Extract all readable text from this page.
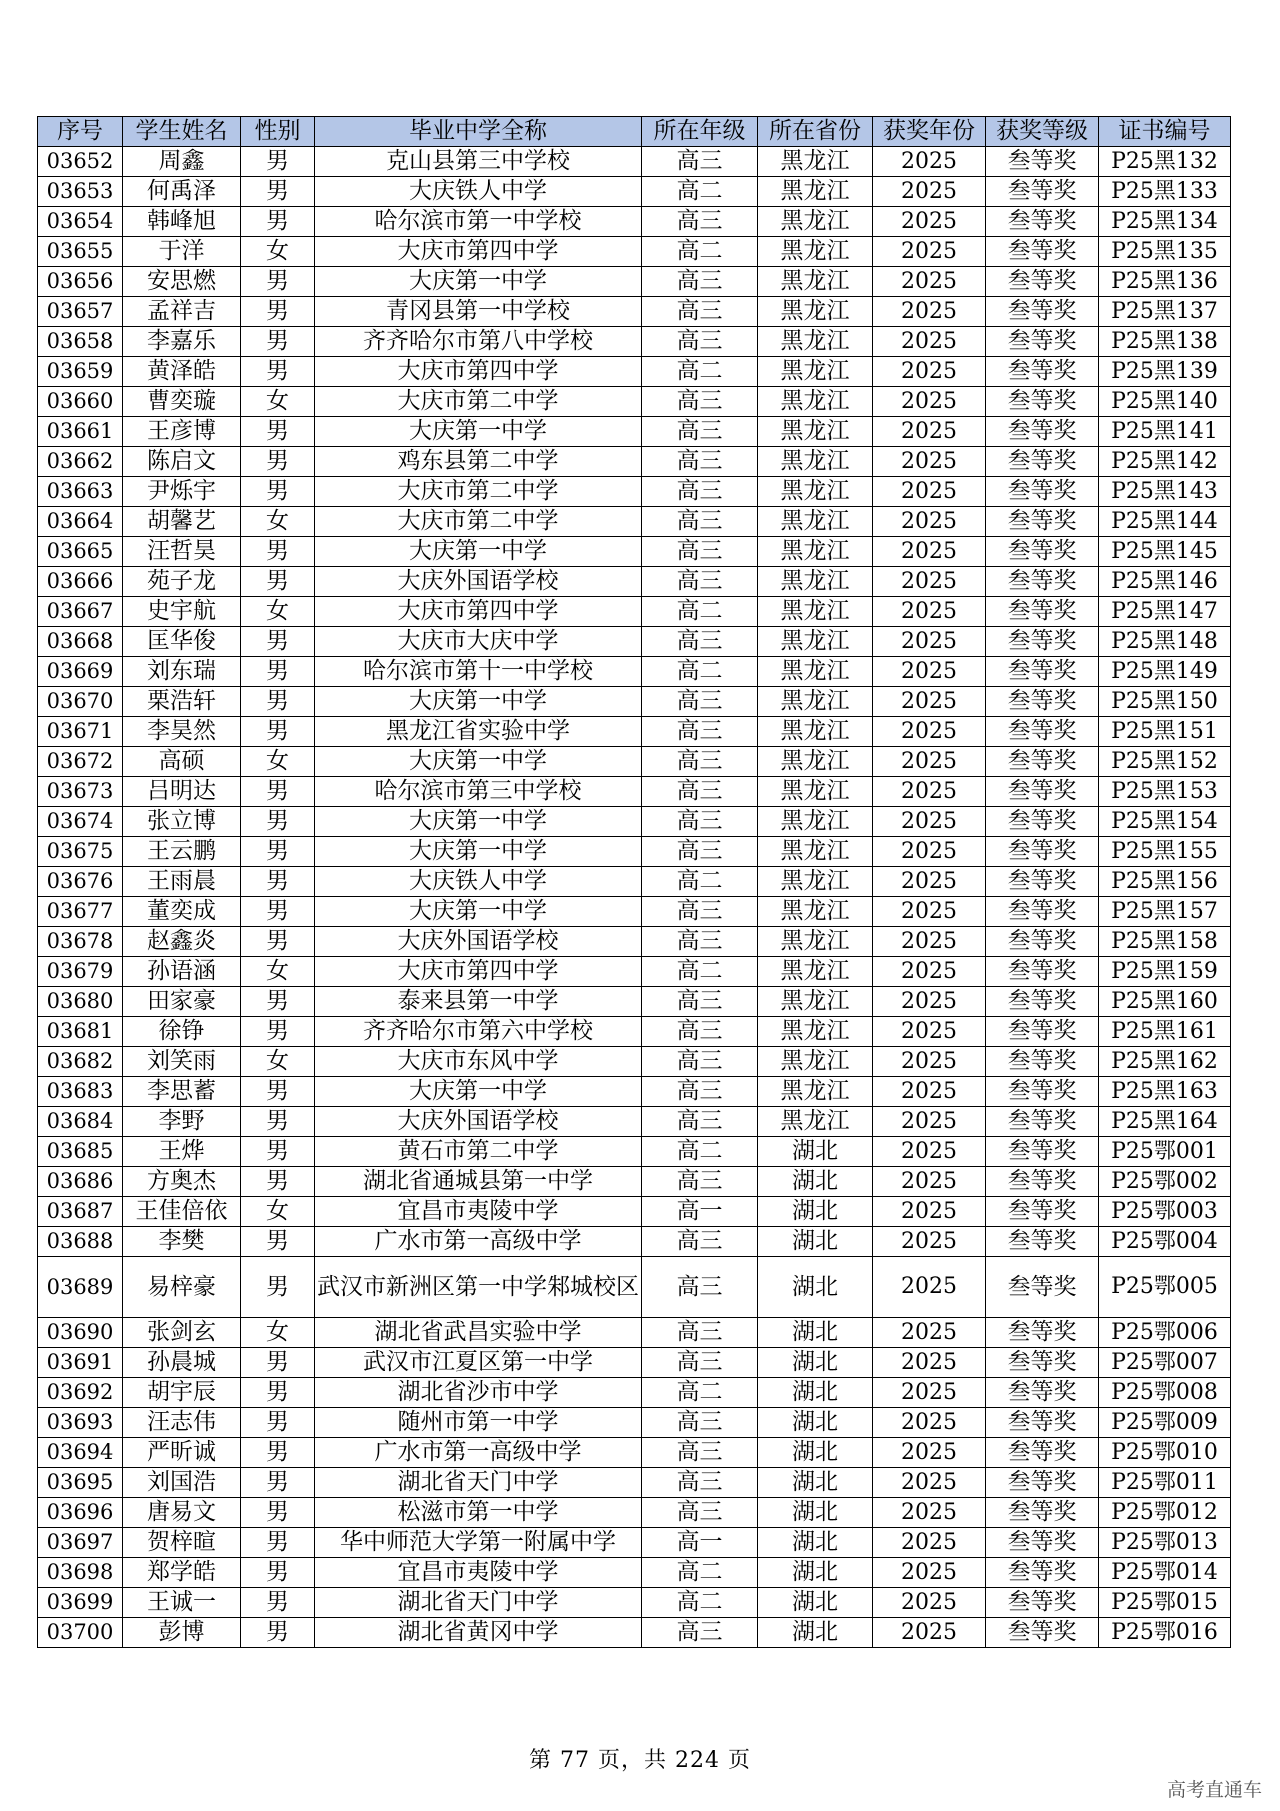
序号	学生姓名	性别	毕业中学全称	所在年级	所在省份	获奖年份	获奖等级	证书编号
03652	周鑫	男	克山县第三中学校	高三	黑龙江	2025	叁等奖	P25黑132
03653	何禹泽	男	大庆铁人中学	高二	黑龙江	2025	叁等奖	P25黑133
03654	韩峰旭	男	哈尔滨市第一中学校	高三	黑龙江	2025	叁等奖	P25黑134
03655	于洋	女	大庆市第四中学	高二	黑龙江	2025	叁等奖	P25黑135
03656	安思燃	男	大庆第一中学	高三	黑龙江	2025	叁等奖	P25黑136
03657	孟祥吉	男	青冈县第一中学校	高三	黑龙江	2025	叁等奖	P25黑137
03658	李嘉乐	男	齐齐哈尔市第八中学校	高三	黑龙江	2025	叁等奖	P25黑138
03659	黄泽皓	男	大庆市第四中学	高二	黑龙江	2025	叁等奖	P25黑139
03660	曹奕璇	女	大庆市第二中学	高三	黑龙江	2025	叁等奖	P25黑140
03661	王彦博	男	大庆第一中学	高三	黑龙江	2025	叁等奖	P25黑141
03662	陈启文	男	鸡东县第二中学	高三	黑龙江	2025	叁等奖	P25黑142
03663	尹烁宇	男	大庆市第二中学	高三	黑龙江	2025	叁等奖	P25黑143
03664	胡馨艺	女	大庆市第二中学	高三	黑龙江	2025	叁等奖	P25黑144
03665	汪哲昊	男	大庆第一中学	高三	黑龙江	2025	叁等奖	P25黑145
03666	苑子龙	男	大庆外国语学校	高三	黑龙江	2025	叁等奖	P25黑146
03667	史宇航	女	大庆市第四中学	高二	黑龙江	2025	叁等奖	P25黑147
03668	匡华俊	男	大庆市大庆中学	高三	黑龙江	2025	叁等奖	P25黑148
03669	刘东瑞	男	哈尔滨市第十一中学校	高二	黑龙江	2025	叁等奖	P25黑149
03670	栗浩轩	男	大庆第一中学	高三	黑龙江	2025	叁等奖	P25黑150
03671	李昊然	男	黑龙江省实验中学	高三	黑龙江	2025	叁等奖	P25黑151
03672	高硕	女	大庆第一中学	高三	黑龙江	2025	叁等奖	P25黑152
03673	吕明达	男	哈尔滨市第三中学校	高三	黑龙江	2025	叁等奖	P25黑153
03674	张立博	男	大庆第一中学	高三	黑龙江	2025	叁等奖	P25黑154
03675	王云鹏	男	大庆第一中学	高三	黑龙江	2025	叁等奖	P25黑155
03676	王雨晨	男	大庆铁人中学	高二	黑龙江	2025	叁等奖	P25黑156
03677	董奕成	男	大庆第一中学	高三	黑龙江	2025	叁等奖	P25黑157
03678	赵鑫炎	男	大庆外国语学校	高三	黑龙江	2025	叁等奖	P25黑158
03679	孙语涵	女	大庆市第四中学	高二	黑龙江	2025	叁等奖	P25黑159
03680	田家豪	男	泰来县第一中学	高三	黑龙江	2025	叁等奖	P25黑160
03681	徐铮	男	齐齐哈尔市第六中学校	高三	黑龙江	2025	叁等奖	P25黑161
03682	刘笑雨	女	大庆市东风中学	高三	黑龙江	2025	叁等奖	P25黑162
03683	李思蓄	男	大庆第一中学	高三	黑龙江	2025	叁等奖	P25黑163
03684	李野	男	大庆外国语学校	高三	黑龙江	2025	叁等奖	P25黑164
03685	王烨	男	黄石市第二中学	高二	湖北	2025	叁等奖	P25鄂001
03686	方奥杰	男	湖北省通城县第一中学	高三	湖北	2025	叁等奖	P25鄂002
03687	王佳倍依	女	宜昌市夷陵中学	高一	湖北	2025	叁等奖	P25鄂003
03688	李樊	男	广水市第一高级中学	高三	湖北	2025	叁等奖	P25鄂004
03689	易梓豪	男	武汉市新洲区第一中学邾城校区	高三	湖北	2025	叁等奖	P25鄂005
03690	张剑玄	女	湖北省武昌实验中学	高三	湖北	2025	叁等奖	P25鄂006
03691	孙晨城	男	武汉市江夏区第一中学	高三	湖北	2025	叁等奖	P25鄂007
03692	胡宇辰	男	湖北省沙市中学	高二	湖北	2025	叁等奖	P25鄂008
03693	汪志伟	男	随州市第一中学	高三	湖北	2025	叁等奖	P25鄂009
03694	严昕诚	男	广水市第一高级中学	高三	湖北	2025	叁等奖	P25鄂010
03695	刘国浩	男	湖北省天门中学	高三	湖北	2025	叁等奖	P25鄂011
03696	唐易文	男	松滋市第一中学	高三	湖北	2025	叁等奖	P25鄂012
03697	贺梓暄	男	华中师范大学第一附属中学	高一	湖北	2025	叁等奖	P25鄂013
03698	郑学皓	男	宜昌市夷陵中学	高二	湖北	2025	叁等奖	P25鄂014
03699	王诚一	男	湖北省天门中学	高二	湖北	2025	叁等奖	P25鄂015
03700	彭博	男	湖北省黄冈中学	高三	湖北	2025	叁等奖	P25鄂016
第 77 页，共 224 页
高考直通车
